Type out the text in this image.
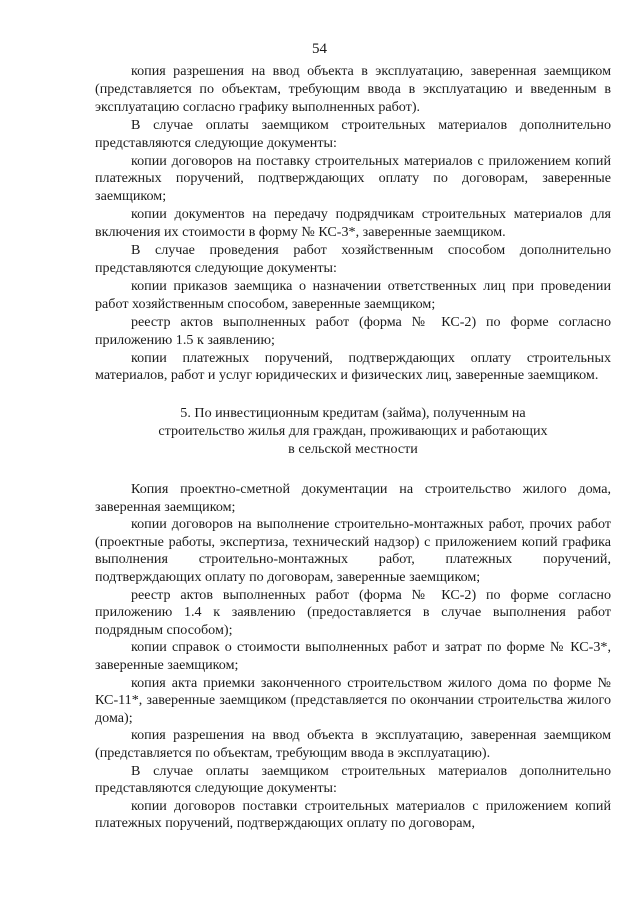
54

копия разрешения на ввод объекта в эксплуатацию, заверенная заемщиком (представляется по объектам, требующим ввода в эксплуатацию и введенным в эксплуатацию согласно графику выполненных работ).

В случае оплаты заемщиком строительных материалов дополнительно представляются следующие документы:

копии договоров на поставку строительных материалов с приложением копий платежных поручений, подтверждающих оплату по договорам, заверенные заемщиком;

копии документов на передачу подрядчикам строительных материалов для включения их стоимости в форму № КС-3*, заверенные заемщиком.

В случае проведения работ хозяйственным способом дополнительно представляются следующие документы:

копии приказов заемщика о назначении ответственных лиц при проведении работ хозяйственным способом, заверенные заемщиком;

реестр актов выполненных работ (форма № КС-2) по форме согласно приложению 1.5 к заявлению;

копии платежных поручений, подтверждающих оплату строительных материалов, работ и услуг юридических и физических лиц, заверенные заемщиком.

5. По инвестиционным кредитам (займа), полученным на
строительство жилья для граждан, проживающих и работающих
в сельской местности

Копия проектно-сметной документации на строительство жилого дома, заверенная заемщиком;

копии договоров на выполнение строительно-монтажных работ, прочих работ (проектные работы, экспертиза, технический надзор) с приложением копий графика выполнения строительно-монтажных работ, платежных поручений, подтверждающих оплату по договорам, заверенные заемщиком;

реестр актов выполненных работ (форма № КС-2) по форме согласно приложению 1.4 к заявлению (предоставляется в случае выполнения работ подрядным способом);

копии справок о стоимости выполненных работ и затрат по форме № КС-3*, заверенные заемщиком;

копия акта приемки законченного строительством жилого дома по форме № КС-11*, заверенные заемщиком (представляется по окончании строительства жилого дома);

копия разрешения на ввод объекта в эксплуатацию, заверенная заемщиком (представляется по объектам, требующим ввода в эксплуатацию).

В случае оплаты заемщиком строительных материалов дополнительно представляются следующие документы:

копии договоров поставки строительных материалов с приложением копий платежных поручений, подтверждающих оплату по договорам,
